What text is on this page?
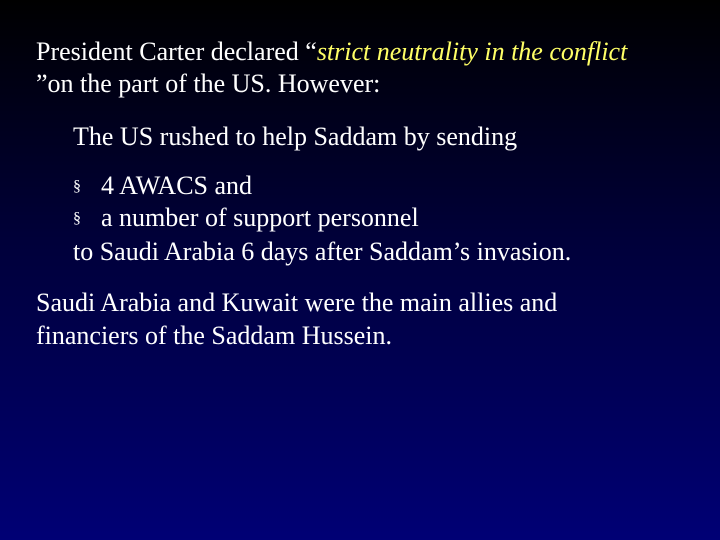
President Carter declared “strict neutrality in the conflict

”on the part of the US. However:

The US rushed to help Saddam by sending

§ 4 AWACS and

§ a number of support personnel

to Saudi Arabia 6 days after Saddam’s invasion.

Saudi Arabia and Kuwait were the main allies and

financiers of the Saddam Hussein.
